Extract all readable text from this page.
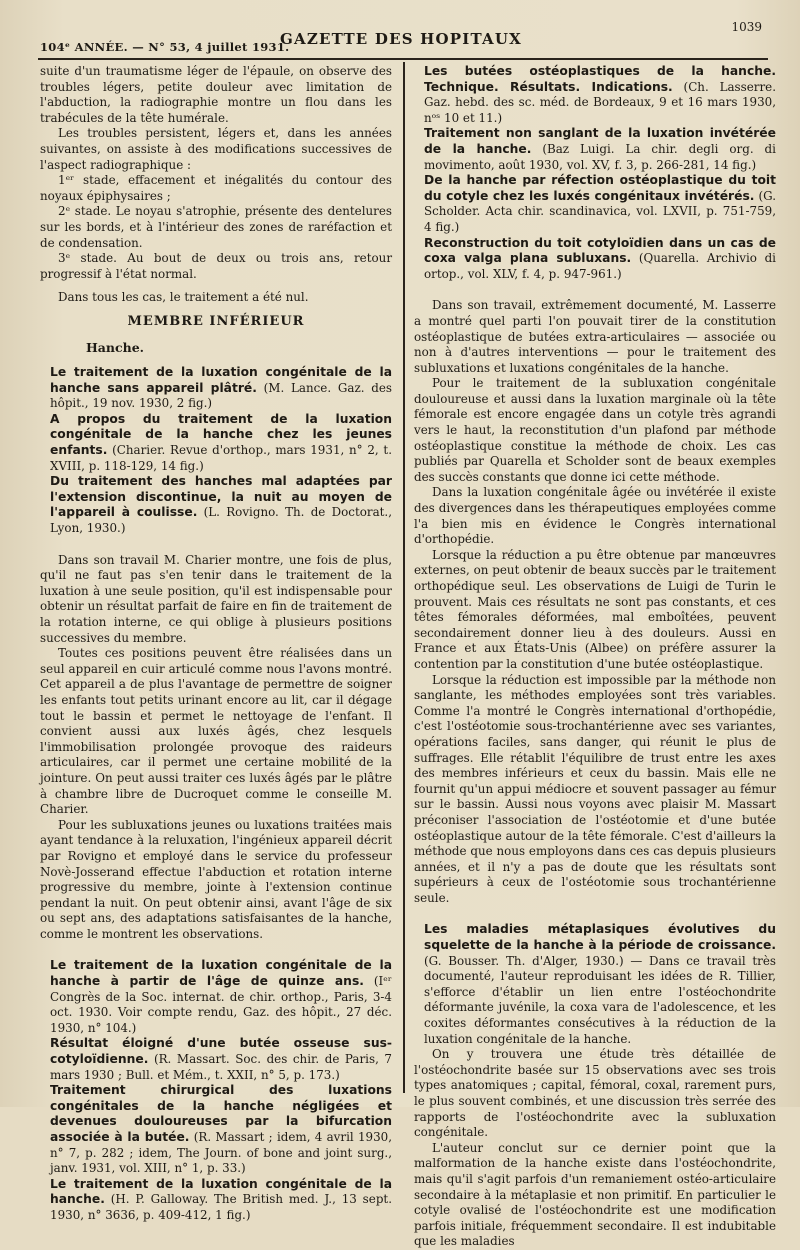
104ᵉ ANNÉE. — N° 53, 4 juillet 1931.
GAZETTE DES HOPITAUX
1039

suite d'un traumatisme léger de l'épaule, on observe des troubles légers, petite douleur avec limitation de l'abduction, la radiographie montre un flou dans les trabécules de la tête humérale.

Les troubles persistent, légers et, dans les années suivantes, on assiste à des modifications successives de l'aspect radiographique :

1ᵉʳ stade, effacement et inégalités du contour des noyaux épiphysaires ;

2ᵉ stade. Le noyau s'atrophie, présente des dentelures sur les bords, et à l'intérieur des zones de raréfaction et de condensation.

3ᵉ stade. Au bout de deux ou trois ans, retour progressif à l'état normal.

Dans tous les cas, le traitement a été nul.

MEMBRE INFÉRIEUR
Hanche.

Le traitement de la luxation congénitale de la hanche sans appareil plâtré. (M. Lance. Gaz. des hôpit., 19 nov. 1930, 2 fig.)

A propos du traitement de la luxation congénitale de la hanche chez les jeunes enfants. (Charier. Revue d'orthop., mars 1931, n° 2, t. XVIII, p. 118-129, 14 fig.)

Du traitement des hanches mal adaptées par l'extension discontinue, la nuit au moyen de l'appareil à coulisse. (L. Rovigno. Th. de Doctorat., Lyon, 1930.)

Dans son travail M. Charier montre, une fois de plus, qu'il ne faut pas s'en tenir dans le traitement de la luxation à une seule position, qu'il est indispensable pour obtenir un résultat parfait de faire en fin de traitement de la rotation interne, ce qui oblige à plusieurs positions successives du membre.

Toutes ces positions peuvent être réalisées dans un seul appareil en cuir articulé comme nous l'avons montré. Cet appareil a de plus l'avantage de permettre de soigner les enfants tout petits urinant encore au lit, car il dégage tout le bassin et permet le nettoyage de l'enfant. Il convient aussi aux luxés âgés, chez lesquels l'immobilisation prolongée provoque des raideurs articulaires, car il permet une certaine mobilité de la jointure. On peut aussi traiter ces luxés âgés par le plâtre à chambre libre de Ducroquet comme le conseille M. Charier.

Pour les subluxations jeunes ou luxations traitées mais ayant tendance à la reluxation, l'ingénieux appareil décrit par Rovigno et employé dans le service du professeur Novè-Josserand effectue l'abduction et rotation interne progressive du membre, jointe à l'extension continue pendant la nuit. On peut obtenir ainsi, avant l'âge de six ou sept ans, des adaptations satisfaisantes de la hanche, comme le montrent les observations.

Le traitement de la luxation congénitale de la hanche à partir de l'âge de quinze ans. (Iᵉʳ Congrès de la Soc. internat. de chir. orthop., Paris, 3-4 oct. 1930. Voir compte rendu, Gaz. des hôpit., 27 déc. 1930, n° 104.)

Résultat éloigné d'une butée osseuse sus-cotyloïdienne. (R. Massart. Soc. des chir. de Paris, 7 mars 1930 ; Bull. et Mém., t. XXII, n° 5, p. 173.)

Traitement chirurgical des luxations congénitales de la hanche négligées et devenues douloureuses par la bifurcation associée à la butée. (R. Massart ; idem, 4 avril 1930, n° 7, p. 282 ; idem, The Journ. of bone and joint surg., janv. 1931, vol. XIII, n° 1, p. 33.)

Le traitement de la luxation congénitale de la hanche. (H. P. Galloway. The British med. J., 13 sept. 1930, n° 3636, p. 409-412, 1 fig.)

Les butées ostéoplastiques de la hanche. Technique. Résultats. Indications. (Ch. Lasserre. Gaz. hebd. des sc. méd. de Bordeaux, 9 et 16 mars 1930, nᵒˢ 10 et 11.)

Traitement non sanglant de la luxation invétérée de la hanche. (Baz Luigi. La chir. degli org. di movimento, août 1930, vol. XV, f. 3, p. 266-281, 14 fig.)

De la hanche par réfection ostéoplastique du toit du cotyle chez les luxés congénitaux invétérés. (G. Scholder. Acta chir. scandinavica, vol. LXVII, p. 751-759, 4 fig.)

Reconstruction du toit cotyloïdien dans un cas de coxa valga plana subluxans. (Quarella. Archivio di ortop., vol. XLV, f. 4, p. 947-961.)

Dans son travail, extrêmement documenté, M. Lasserre a montré quel parti l'on pouvait tirer de la constitution ostéoplastique de butées extra-articulaires — associée ou non à d'autres interventions — pour le traitement des subluxations et luxations congénitales de la hanche.

Pour le traitement de la subluxation congénitale douloureuse et aussi dans la luxation marginale où la tête fémorale est encore engagée dans un cotyle très agrandi vers le haut, la reconstitution d'un plafond par méthode ostéoplastique constitue la méthode de choix. Les cas publiés par Quarella et Scholder sont de beaux exemples des succès constants que donne ici cette méthode.

Dans la luxation congénitale âgée ou invétérée il existe des divergences dans les thérapeutiques employées comme l'a bien mis en évidence le Congrès international d'orthopédie.

Lorsque la réduction a pu être obtenue par manœuvres externes, on peut obtenir de beaux succès par le traitement orthopédique seul. Les observations de Luigi de Turin le prouvent. Mais ces résultats ne sont pas constants, et ces têtes fémorales déformées, mal emboîtées, peuvent secondairement donner lieu à des douleurs. Aussi en France et aux États-Unis (Albee) on préfère assurer la contention par la constitution d'une butée ostéoplastique.

Lorsque la réduction est impossible par la méthode non sanglante, les méthodes employées sont très variables. Comme l'a montré le Congrès international d'orthopédie, c'est l'ostéotomie sous-trochantérienne avec ses variantes, opérations faciles, sans danger, qui réunit le plus de suffrages. Elle rétablit l'équilibre de trust entre les axes des membres inférieurs et ceux du bassin. Mais elle ne fournit qu'un appui médiocre et souvent passager au fémur sur le bassin. Aussi nous voyons avec plaisir M. Massart préconiser l'association de l'ostéotomie et d'une butée ostéoplastique autour de la tête fémorale. C'est d'ailleurs la méthode que nous employons dans ces cas depuis plusieurs années, et il n'y a pas de doute que les résultats sont supérieurs à ceux de l'ostéotomie sous trochantérienne seule.

Les maladies métaplasiques évolutives du squelette de la hanche à la période de croissance. (G. Bousser. Th. d'Alger, 1930.) — Dans ce travail très documenté, l'auteur reproduisant les idées de R. Tillier, s'efforce d'établir un lien entre l'ostéochondrite déformante juvénile, la coxa vara de l'adolescence, et les coxites déformantes consécutives à la réduction de la luxation congénitale de la hanche.

On y trouvera une étude très détaillée de l'ostéochondrite basée sur 15 observations avec ses trois types anatomiques ; capital, fémoral, coxal, rarement purs, le plus souvent combinés, et une discussion très serrée des rapports de l'ostéochondrite avec la subluxation congénitale.

L'auteur conclut sur ce dernier point que la malformation de la hanche existe dans l'ostéochondrite, mais qu'il s'agit parfois d'un remaniement ostéo-articulaire secondaire à la métaplasie et non primitif. En particulier le cotyle ovalisé de l'ostéochondrite est une modification parfois initiale, fréquemment secondaire. Il est indubitable que les maladies
